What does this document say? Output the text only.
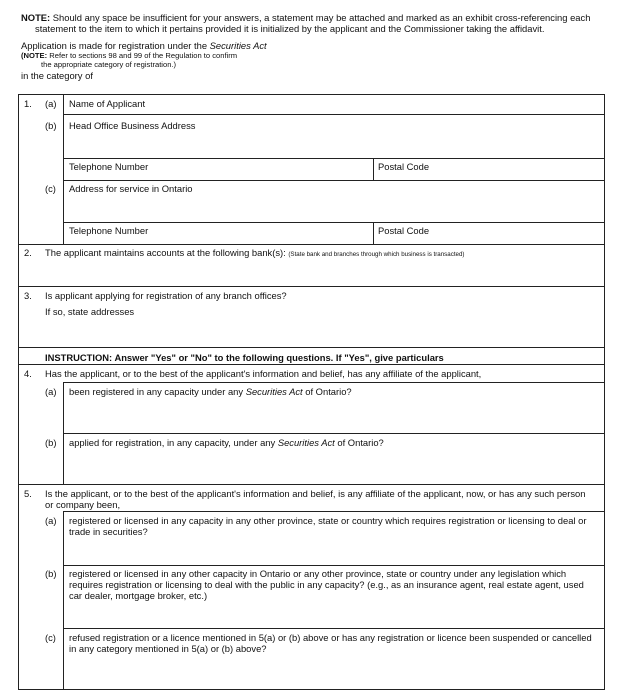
NOTE: Should any space be insufficient for your answers, a statement may be attached and marked as an exhibit cross-referencing each
statement to the item to which it pertains provided it is initialized by the applicant and the Commissioner taking the affidavit.
Application is made for registration under the Securities Act
(NOTE: Refer to sections 98 and 99 of the Regulation to confirm
the appropriate category of registration.)
in the category of
1. (a) Name of Applicant
(b) Head Office Business Address
Telephone Number	Postal Code
(c) Address for service in Ontario
Telephone Number	Postal Code
2. The applicant maintains accounts at the following bank(s): (State bank and branches through which business is transacted)
3. Is applicant applying for registration of any branch offices?
If so, state addresses
INSTRUCTION: Answer "Yes" or "No" to the following questions. If "Yes", give particulars
4. Has the applicant, or to the best of the applicant's information and belief, has any affiliate of the applicant,
(a) been registered in any capacity under any Securities Act of Ontario?
(b) applied for registration, in any capacity, under any Securities Act of Ontario?
5. Is the applicant, or to the best of the applicant's information and belief, is any affiliate of the applicant, now, or has any such person
or company been,
(a) registered or licensed in any capacity in any other province, state or country which requires registration or licensing to deal or
trade in securities?
(b) registered or licensed in any other capacity in Ontario or any other province, state or country under any legislation which
requires registration or licensing to deal with the public in any capacity? (e.g., as an insurance agent, real estate agent, used
car dealer, mortgage broker, etc.)
(c) refused registration or a licence mentioned in 5(a) or (b) above or has any registration or licence been suspended or cancelled
in any category mentioned in 5(a) or (b) above?
